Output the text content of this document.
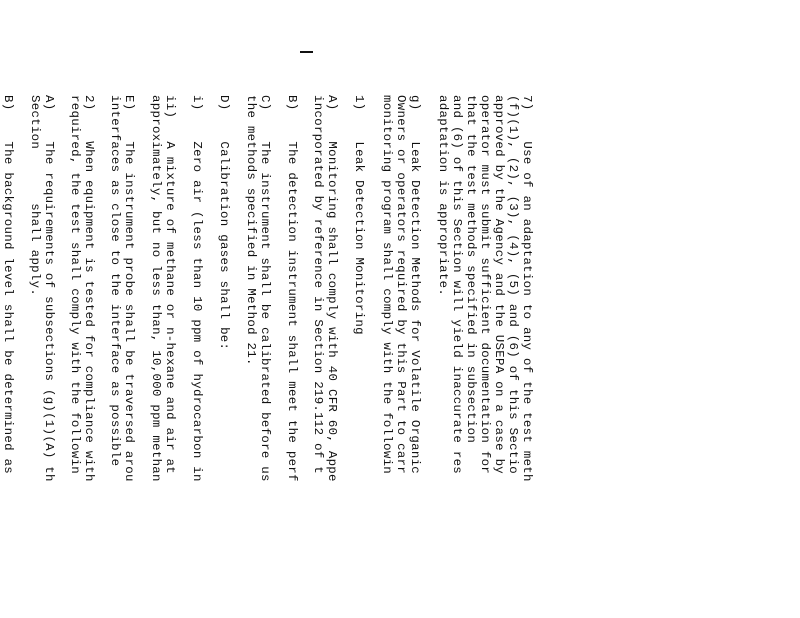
7)    Use of an adaptation to any of the test meth
(f)(1), (2), (3), (4), (5) and (6) of this Sectio
approved by the Agency and the USEPA on a case by
operator must submit sufficient documentation for
that the test methods specified in subsection
and (6) of this Section will yield inaccurate res
adaptation is appropriate.
g)    Leak Detection Methods for Volatile Organic
Owners or operators required by this Part to carr
monitoring program shall comply with the followin
1)    Leak Detection Monitoring
A)    Monitoring shall comply with 40 CFR 60, Appe
incorporated by reference in Section 219.112 of t
B)    The detection instrument shall meet the perf
C)    The instrument shall be calibrated before us
the methods specified in Method 21.
D)    Calibration gases shall be:
i)    Zero air (less than 10 ppm of hydrocarbon in
ii)   A mixture of methane or n-hexane and air at
approximately, but no less than, 10,000 ppm methan
E)    The instrument probe shall be traversed arou
interfaces as close to the interface as possible
2)    When equipment is tested for compliance with
required, the test shall comply with the followin
A)    The requirements of subsections (g)(1)(A) th
Section       shall apply.
B)    The background level shall be determined as
